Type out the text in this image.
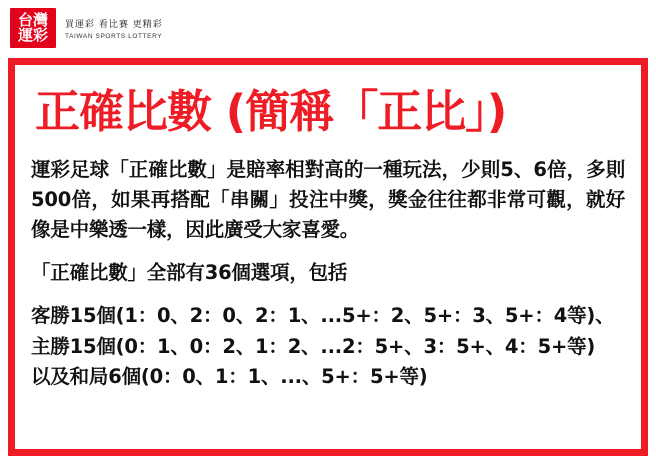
台灣
運彩
買運彩 看比賽 更精彩
TAIWAN SPORTS LOTTERY
正確比數 (簡稱「正比」)

運彩足球「正確比數」是賠率相對高的一種玩法，少則5、6倍，多則500倍，如果再搭配「串關」投注中獎，獎金往往都非常可觀，就好像是中樂透一樣，因此廣受大家喜愛。

「正確比數」全部有36個選項，包括

客勝15個(1：0、2：0、2：1、...5+：2、5+：3、5+：4等)、

主勝15個(0：1、0：2、1：2、...2：5+、3：5+、4：5+等)

以及和局6個(0：0、1：1、...、5+：5+等)
